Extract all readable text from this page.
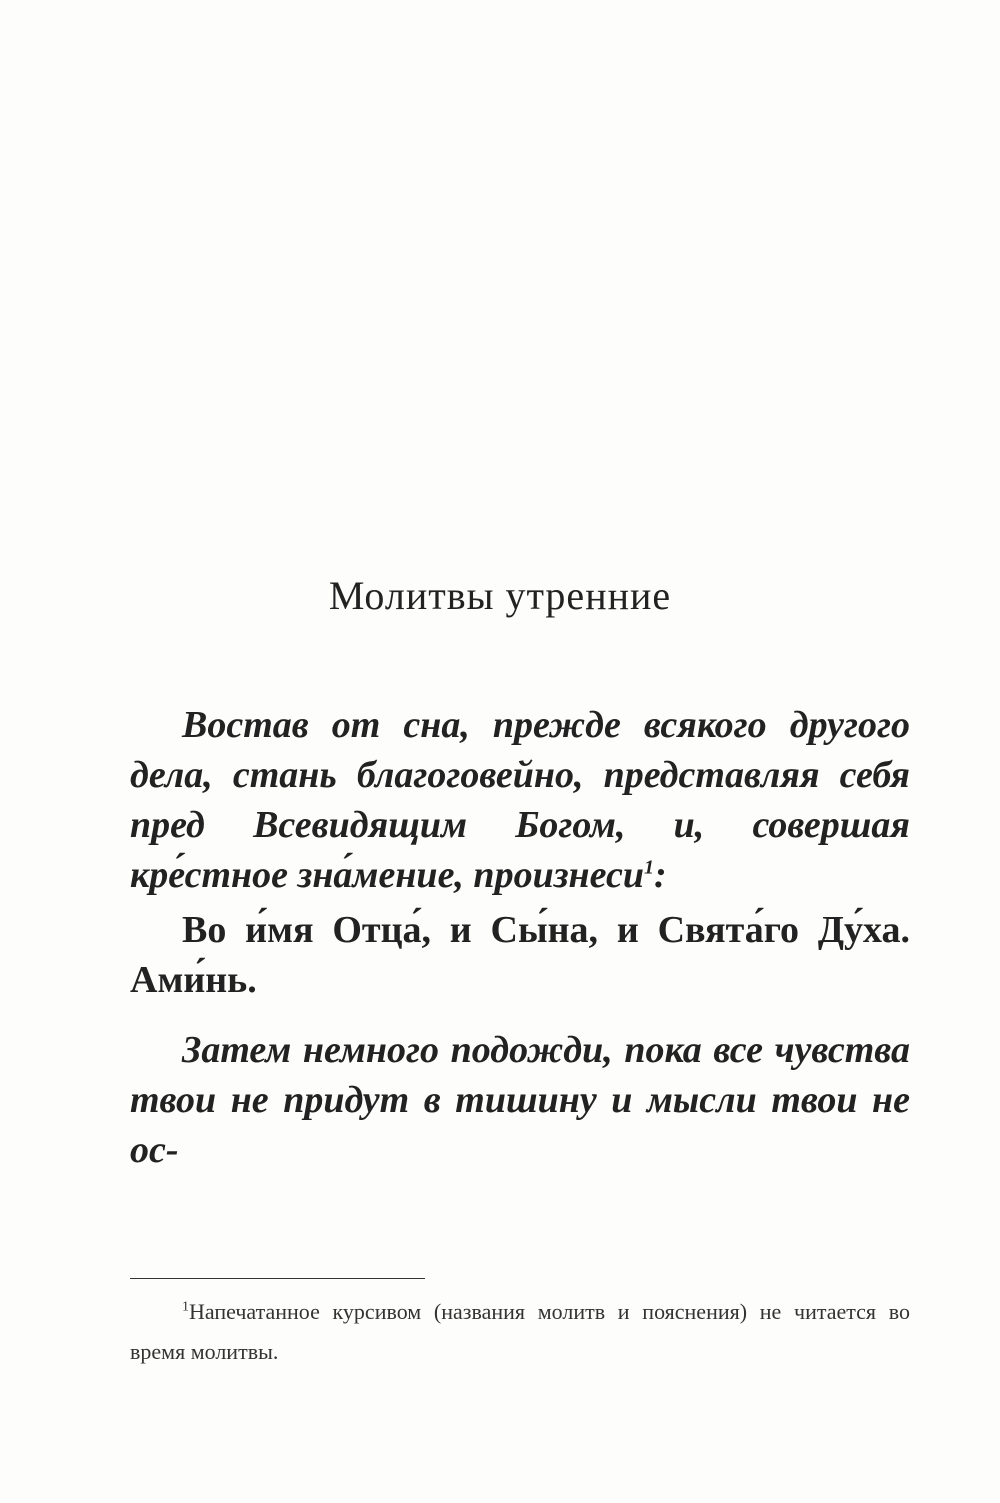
Молитвы утренние

Востав от сна, прежде всякого другого дела, стань благоговейно, представляя себя пред Всевидящим Богом, и, совершая кре́стное зна́мение, произнеси$^1$:

Во и́мя Отца́, и Сы́на, и Свята́го Ду́ха. Ами́нь.

Затем немного подожди, пока все чувства твои не придут в тишину и мысли твои не ос-

$^1$Напечатанное курсивом (названия молитв и пояснения) не читается во время молитвы.
